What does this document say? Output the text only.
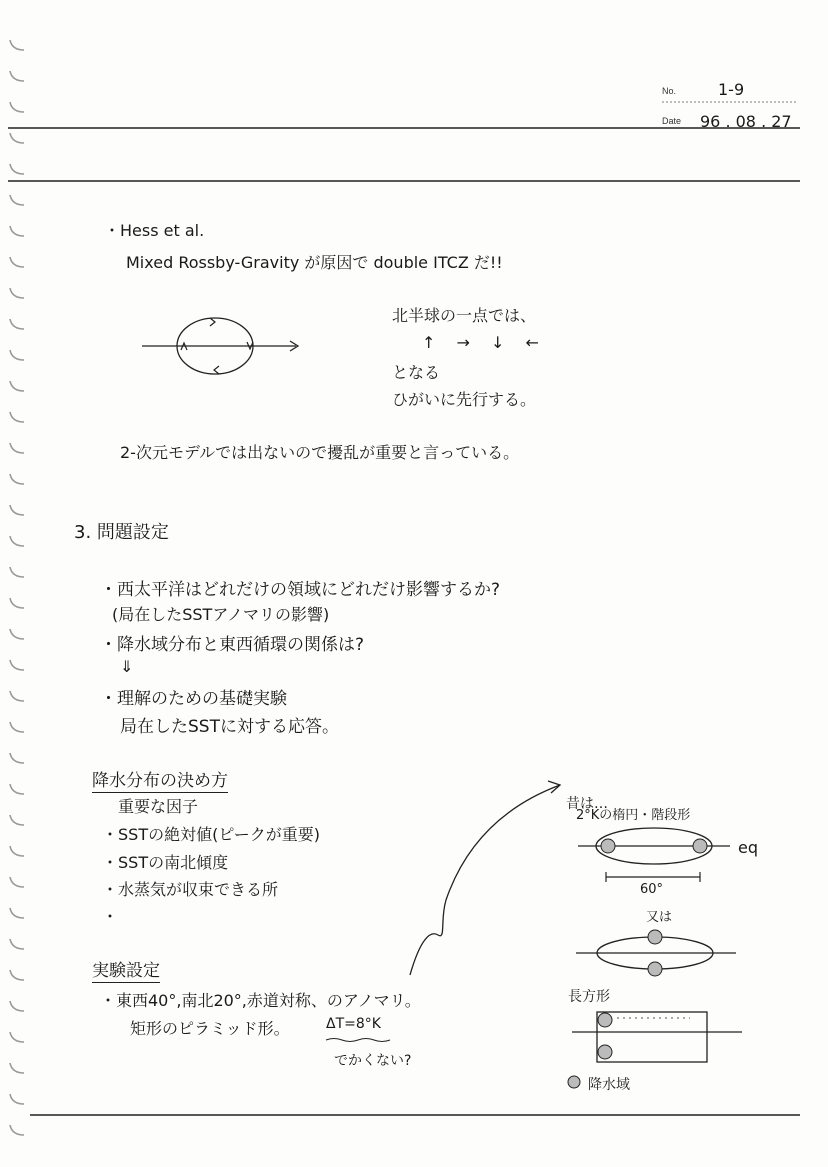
No.	1-9
Date 96 . 08 . 27
・Hess et al.
Mixed Rossby-Gravity が原因で double ITCZ だ!!
北半球の一点では、
↑ → ↓ ←
となる
ひがいに先行する。
2-次元モデルでは出ないので擾乱が重要と言っている。
3. 問題設定
・西太平洋はどれだけの領域にどれだけ影響するか?
(局在したSSTアノマリの影響)
・降水域分布と東西循環の関係は?
⇓
・理解のための基礎実験
局在したSSTに対する応答。
降水分布の決め方
重要な因子
・SSTの絶対値(ピークが重要)
・SSTの南北傾度
・水蒸気が収束できる所
・
実験設定
・東西40°,南北20°,赤道対称、のアノマリ。
矩形のピラミッド形。	ΔT=8°K
でかくない?
昔は…
2°Kの楕円・階段形
eq
60°
又は
長方形
降水域
